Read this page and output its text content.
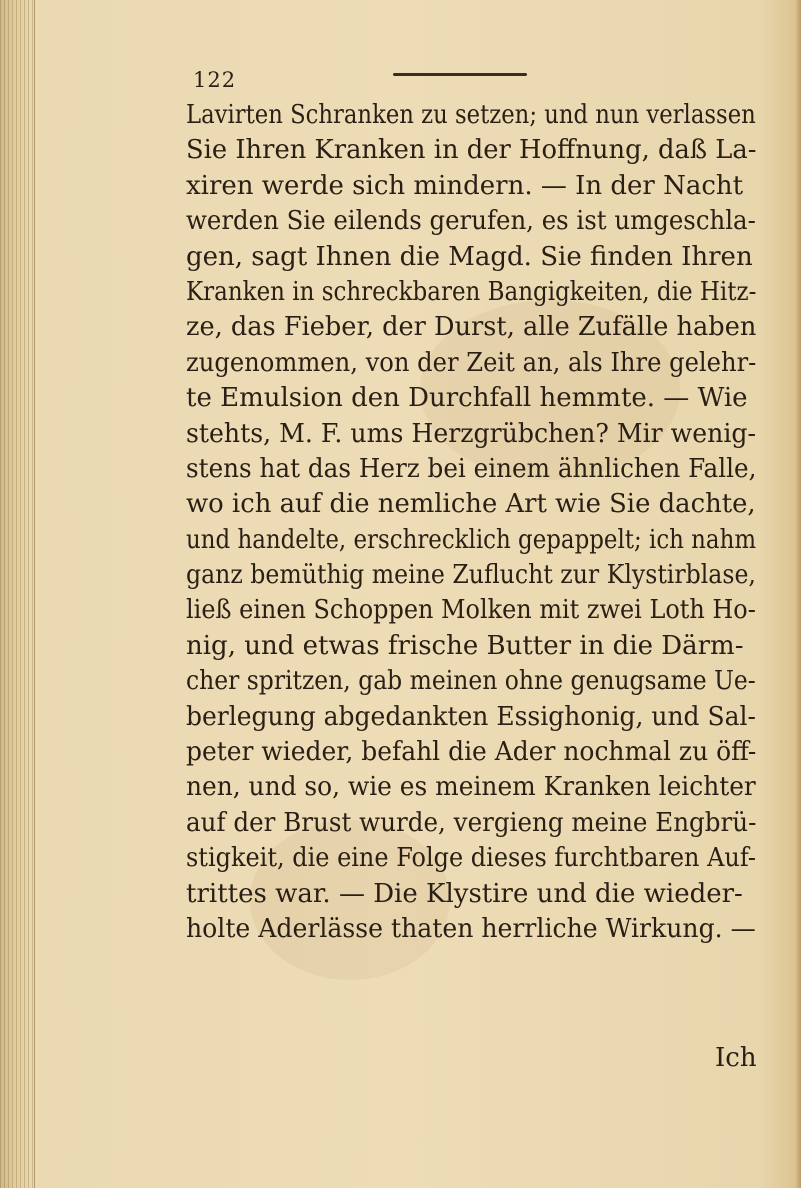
122
Lavirten Schranken zu setzen; und nun verlassen
Sie Ihren Kranken in der Hoffnung, daß La-
xiren werde sich mindern. — In der Nacht
werden Sie eilends gerufen, es ist umgeschla-
gen, sagt Ihnen die Magd. Sie finden Ihren
Kranken in schreckbaren Bangigkeiten, die Hitz-
ze, das Fieber, der Durst, alle Zufälle haben
zugenommen, von der Zeit an, als Ihre gelehr-
te Emulsion den Durchfall hemmte. — Wie
stehts, M. F. ums Herzgrübchen? Mir wenig-
stens hat das Herz bei einem ähnlichen Falle,
wo ich auf die nemliche Art wie Sie dachte,
und handelte, erschrecklich gepappelt; ich nahm
ganz bemüthig meine Zuflucht zur Klystirblase,
ließ einen Schoppen Molken mit zwei Loth Ho-
nig, und etwas frische Butter in die Därm-
cher spritzen, gab meinen ohne genugsame Ue-
berlegung abgedankten Essighonig, und Sal-
peter wieder, befahl die Ader nochmal zu öff-
nen, und so, wie es meinem Kranken leichter
auf der Brust wurde, vergieng meine Engbrü-
stigkeit, die eine Folge dieses furchtbaren Auf-
trittes war. — Die Klystire und die wieder-
holte Aderlässe thaten herrliche Wirkung. —
Ich
